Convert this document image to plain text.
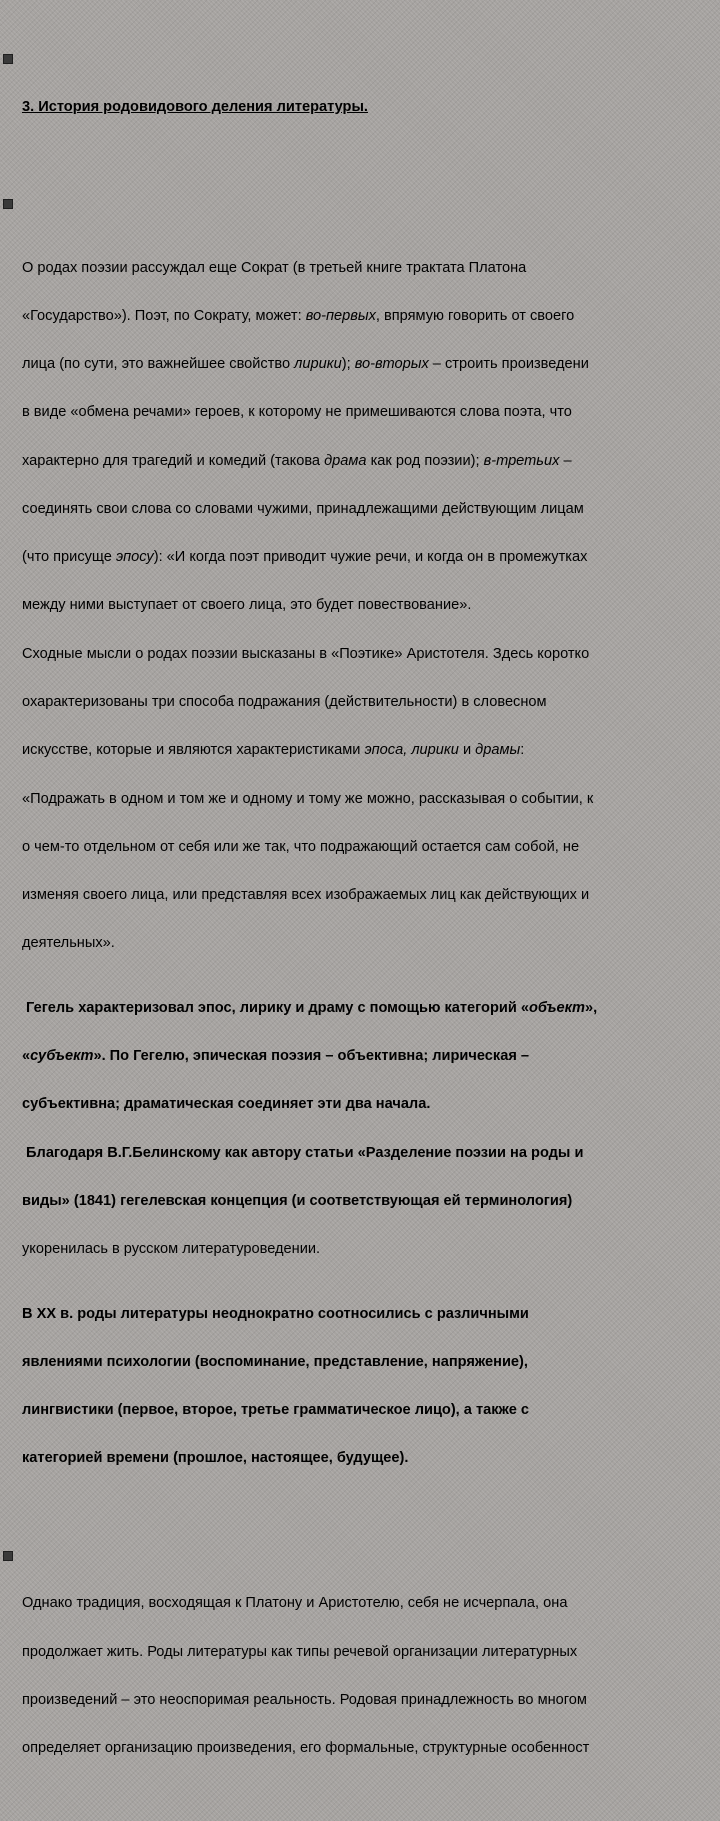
3. История родовидового деления литературы.

О родах поэзии рассуждал еще Сократ (в третьей книге трактата Платона

«Государство»). Поэт, по Сократу, может: во-первых, впрямую говорить от своего

лица (по сути, это важнейшее свойство лирики); во-вторых – строить произведени

в виде «обмена речами» героев, к которому не примешиваются слова поэта, что

характерно для трагедий и комедий (такова драма как род поэзии); в-третьих –

соединять свои слова со словами чужими, принадлежащими действующим лицам

(что присуще эпосу): «И когда поэт приводит чужие речи, и когда он в промежутках

между ними выступает от своего лица, это будет повествование».

Сходные мысли о родах поэзии высказаны в «Поэтике» Аристотеля. Здесь коротко

охарактеризованы три способа подражания (действительности) в словесном

искусстве, которые и являются характеристиками эпоса, лирики и драмы:

«Подражать в одном и том же и одному и тому же можно, рассказывая о событии, к

о чем-то отдельном от себя или же так, что подражающий остается сам собой, не

изменяя своего лица, или представляя всех изображаемых лиц как действующих и

деятельных».

Гегель характеризовал эпос, лирику и драму с помощью категорий «объект»,

«субъект». По Гегелю, эпическая поэзия – объективна; лирическая –

субъективна; драматическая соединяет эти два начала.

Благодаря В.Г.Белинскому как автору статьи «Разделение поэзии на роды и

виды» (1841) гегелевская концепция (и соответствующая ей терминология)

укоренилась в русском литературоведении.

В XX в. роды литературы неоднократно соотносились с различными

явлениями психологии (воспоминание, представление, напряжение),

лингвистики (первое, второе, третье грамматическое лицо), а также с

категорией времени (прошлое, настоящее, будущее).

Однако традиция, восходящая к Платону и Аристотелю, себя не исчерпала, она

продолжает жить. Роды литературы как типы речевой организации литературных

произведений – это неоспоримая реальность. Родовая принадлежность во многом

определяет организацию произведения, его формальные, структурные особенност
